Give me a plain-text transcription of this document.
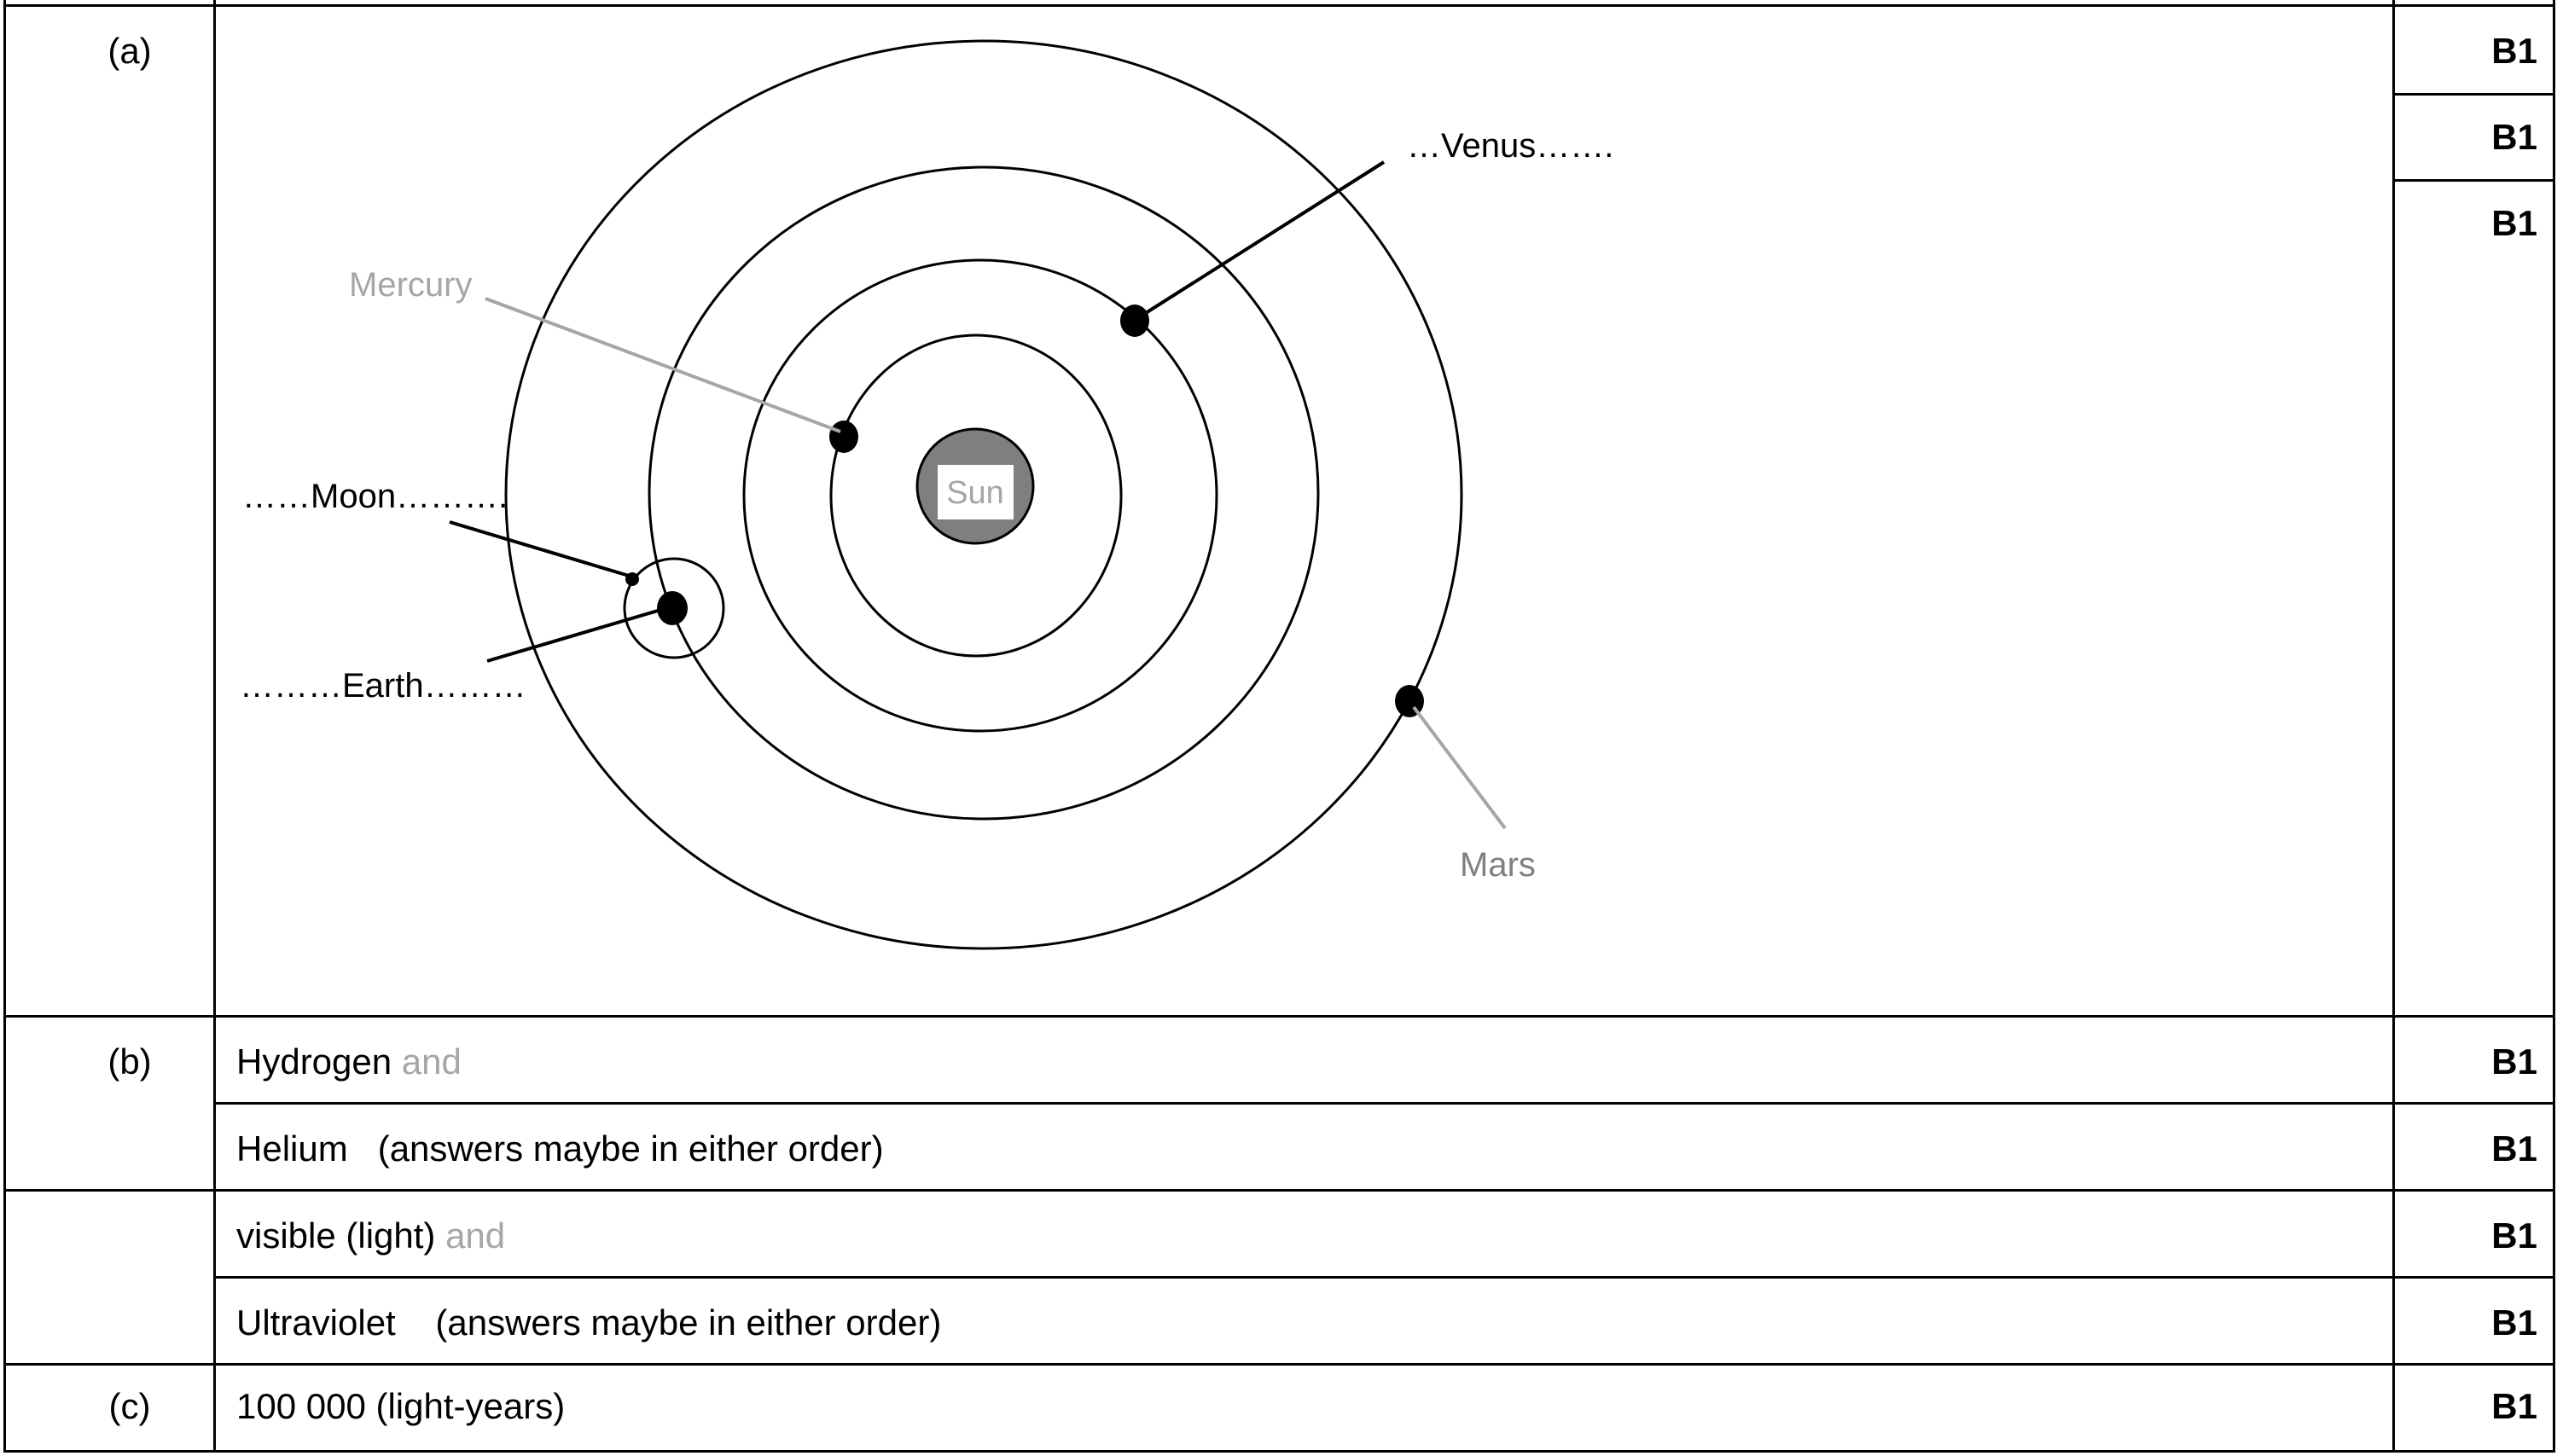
(a)
(b)
(c)
B1
B1
B1
B1
B1
B1
B1
B1
Hydrogen and
Helium   (answers maybe in either order)
visible (light) and
Ultraviolet    (answers maybe in either order)
100 000 (light-years)
Sun
…Venus…….
Mercury
……Moon……….
………Earth………
Mars
